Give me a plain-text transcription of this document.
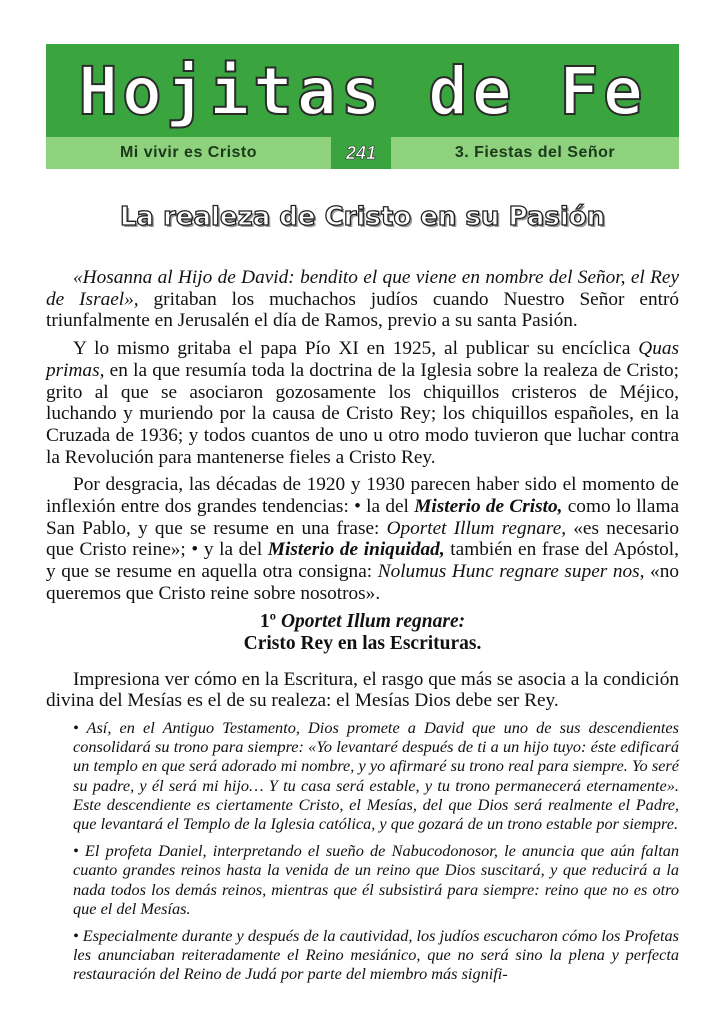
Hojitas de Fe
Mi vivir es Cristo	241	3. Fiestas del Señor
La realeza de Cristo en su Pasión

«Hosanna al Hijo de David: bendito el que viene en nombre del Señor, el Rey de Israel», gritaban los muchachos judíos cuando Nuestro Señor entró triunfalmente en Jerusalén el día de Ramos, previo a su santa Pasión.

Y lo mismo gritaba el papa Pío XI en 1925, al publicar su encíclica Quas primas, en la que resumía toda la doctrina de la Iglesia sobre la realeza de Cristo; grito al que se asociaron gozosamente los chiquillos cristeros de Méjico, luchando y muriendo por la causa de Cristo Rey; los chiquillos españoles, en la Cruzada de 1936; y todos cuantos de uno u otro modo tuvieron que luchar contra la Revolución para mantenerse fieles a Cristo Rey.

Por desgracia, las décadas de 1920 y 1930 parecen haber sido el momento de inflexión entre dos grandes tendencias: • la del Misterio de Cristo, como lo llama San Pablo, y que se resume en una frase: Oportet Illum regnare, «es necesario que Cristo reine»; • y la del Misterio de iniquidad, también en frase del Apóstol, y que se resume en aquella otra consigna: Nolumus Hunc regnare super nos, «no queremos que Cristo reine sobre nosotros».

1º Oportet Illum regnare:
Cristo Rey en las Escrituras.

Impresiona ver cómo en la Escritura, el rasgo que más se asocia a la condición divina del Mesías es el de su realeza: el Mesías Dios debe ser Rey.

• Así, en el Antiguo Testamento, Dios promete a David que uno de sus descendientes consolidará su trono para siempre: «Yo levantaré después de ti a un hijo tuyo: éste edificará un templo en que será adorado mi nombre, y yo afirmaré su trono real para siempre. Yo seré su padre, y él será mi hijo… Y tu casa será estable, y tu trono permanecerá eternamente». Este descendiente es ciertamente Cristo, el Mesías, del que Dios será realmente el Padre, que levantará el Templo de la Iglesia católica, y que gozará de un trono estable por siempre.

• El profeta Daniel, interpretando el sueño de Nabucodonosor, le anuncia que aún faltan cuanto grandes reinos hasta la venida de un reino que Dios suscitará, y que reducirá a la nada todos los demás reinos, mientras que él subsistirá para siempre: reino que no es otro que el del Mesías.

• Especialmente durante y después de la cautividad, los judíos escucharon cómo los Profetas les anunciaban reiteradamente el Reino mesiánico, que no será sino la plena y perfecta restauración del Reino de Judá por parte del miembro más signifi-
